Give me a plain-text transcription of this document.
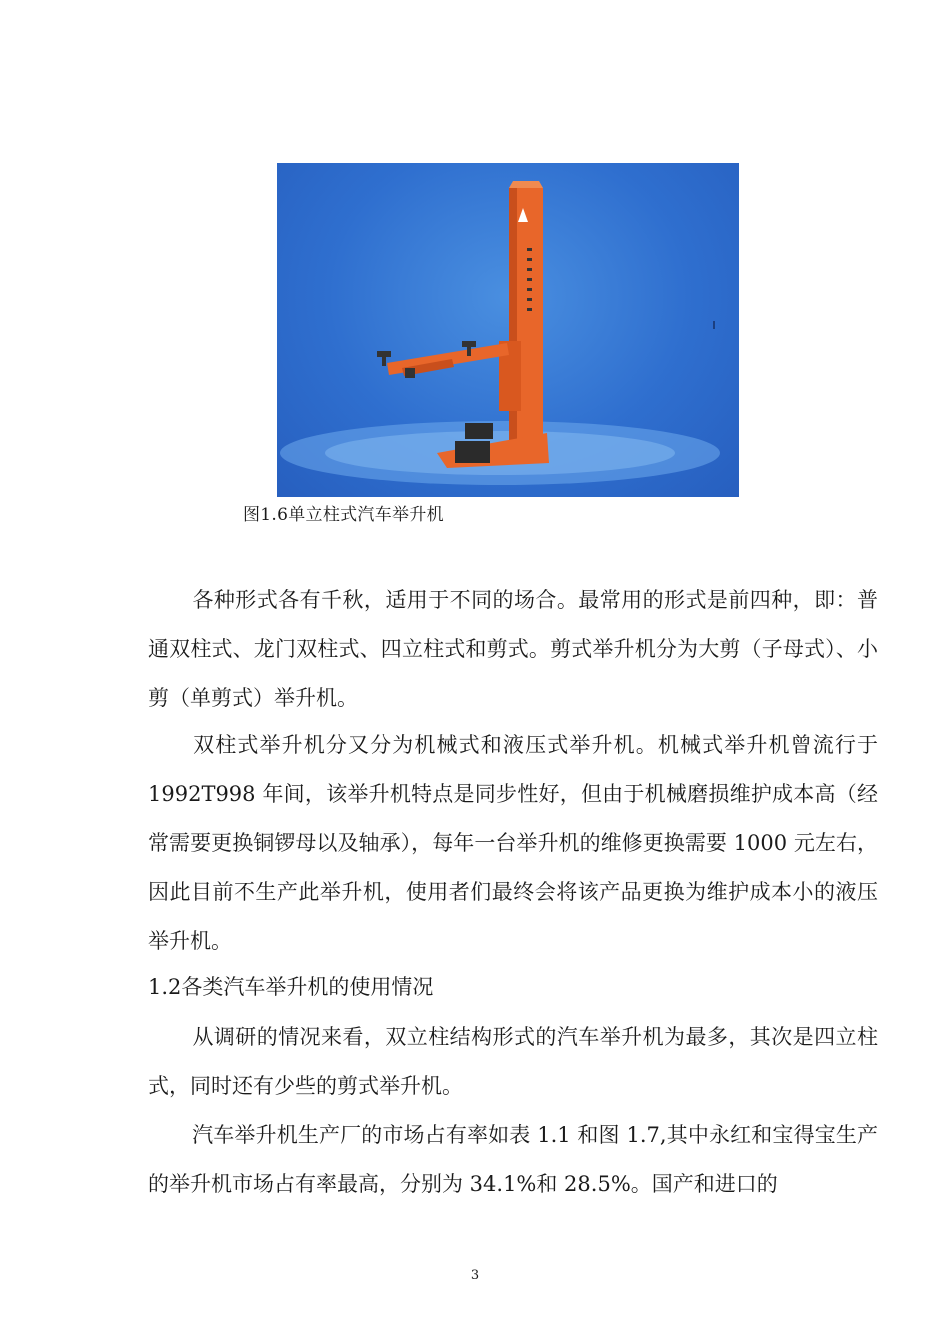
图1.6单立柱式汽车举升机

各种形式各有千秋，适用于不同的场合。最常用的形式是前四种，即：普通双柱式、龙门双柱式、四立柱式和剪式。剪式举升机分为大剪（子母式）、小剪（单剪式）举升机。

双柱式举升机分又分为机械式和液压式举升机。机械式举升机曾流行于 1992T998 年间，该举升机特点是同步性好，但由于机械磨损维护成本高（经常需要更换铜锣母以及轴承），每年一台举升机的维修更换需要 1000 元左右，因此目前不生产此举升机，使用者们最终会将该产品更换为维护成本小的液压举升机。

1.2各类汽车举升机的使用情况

从调研的情况来看，双立柱结构形式的汽车举升机为最多，其次是四立柱式，同时还有少些的剪式举升机。

汽车举升机生产厂的市场占有率如表 1.1 和图 1.7,其中永红和宝得宝生产的举升机市场占有率最高，分别为 34.1%和 28.5%。国产和进口的

3
